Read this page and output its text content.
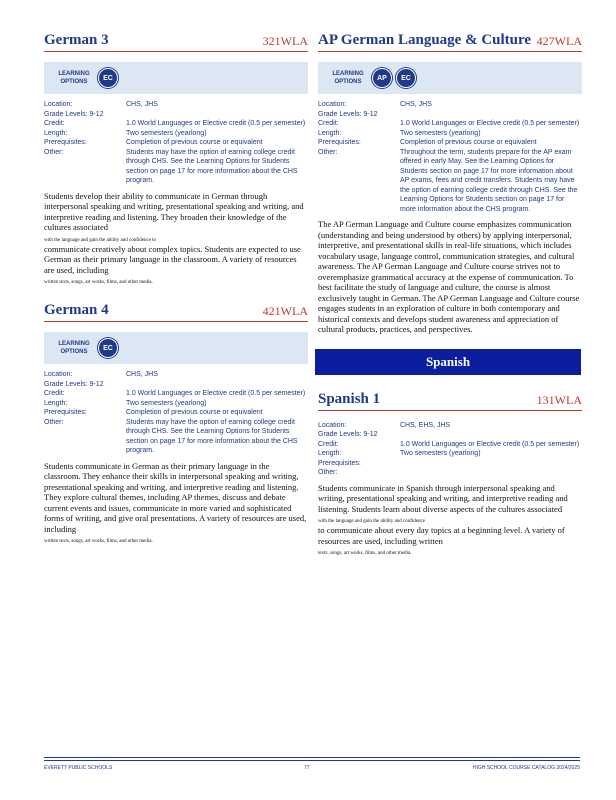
German 3	321WLA
LEARNING OPTIONS
EC
Location:	CHS, JHS
Grade Levels: 9-12
Credit:	1.0 World Languages or Elective credit (0.5 per semester)
Length:	Two semesters (yearlong)
Prerequisites:	Completion of previous course or equivalent
Other:	Students may have the option of earning college credit through CHS. See the Learning Options for Students section on page 17 for more information about the CHS program.
Students develop their ability to communicate in German through interpersonal speaking and writing, presentational speaking and writing, and interpretive reading and listening. They broaden their knowledge of the cultures associated
with the language and gain the ability and confidence to
communicate creatively about complex topics. Students are expected to use German as their primary language in the classroom. A variety of resources are used, including
written texts, songs, art works, films, and other media.
German 4	421WLA
LEARNING OPTIONS
EC
Location:	CHS, JHS
Grade Levels: 9-12
Credit:	1.0 World Languages or Elective credit (0.5 per semester)
Length:	Two semesters (yearlong)
Prerequisites:	Completion of previous course or equivalent
Other:	Students may have the option of earning college credit through CHS. See the Learning Options for Students section on page 17 for more information about the CHS program.
Students communicate in German as their primary language in the classroom. They enhance their skills in interpersonal speaking and writing, presentational speaking and writing, and interpretive reading and listening. They explore cultural themes, including AP themes, discuss and debate current events and issues, communicate in more varied and sophisticated forms of writing, and give oral presentations. A variety of resources are used, including
written texts, songs, art works, films, and other media.
AP German Language & Culture 427WLA
LEARNING OPTIONS
AP	EC
Location:	CHS, JHS
Grade Levels: 9-12
Credit:	1.0 World Languages or Elective credit (0.5 per semester)
Length:	Two semesters (yearlong)
Prerequisites:	Completion of previous course or equivalent
Other:	Throughout the term, students prepare for the AP exam offered in early May. See the Learning Options for Students section on page 17 for more information about AP exams, fees and credit transfers. Students may have the option of earning college credit through CHS. See the Learning Options for Students section on page 17 for more information about the CHS program.
The AP German Language and Culture course emphasizes communication (understanding and being understood by others) by applying interpersonal, interpretive, and presentational skills in real-life situations, which includes vocabulary usage, language control, communication strategies, and cultural awareness. The AP German Language and Culture course strives not to overemphasize grammatical accuracy at the expense of communication. To best facilitate the study of language and culture, the course is almost exclusively taught in German. The AP German Language and Culture course engages students in an exploration of culture in both contemporary and historical contexts and develops student awareness and appreciation of cultural products, practices, and perspectives.
Spanish
Spanish 1	131WLA
Location:	CHS, EHS, JHS
Grade Levels: 9-12
Credit:	1.0 World Languages or Elective credit (0.5 per semester)
Length:	Two semesters (yearlong)
Prerequisites:
Other:
Students communicate in Spanish through interpersonal speaking and writing, presentational speaking and writing, and interpretive reading and listening. Students learn about diverse aspects of the cultures associated
with the language and gain the ability and confidence
to communicate about every day topics at a beginning level. A variety of resources are used, including written
texts, songs, art works, films, and other media.
EVERETT PUBLIC SCHOOLS	77	HIGH SCHOOL COURSE CATALOG 2024/2025
